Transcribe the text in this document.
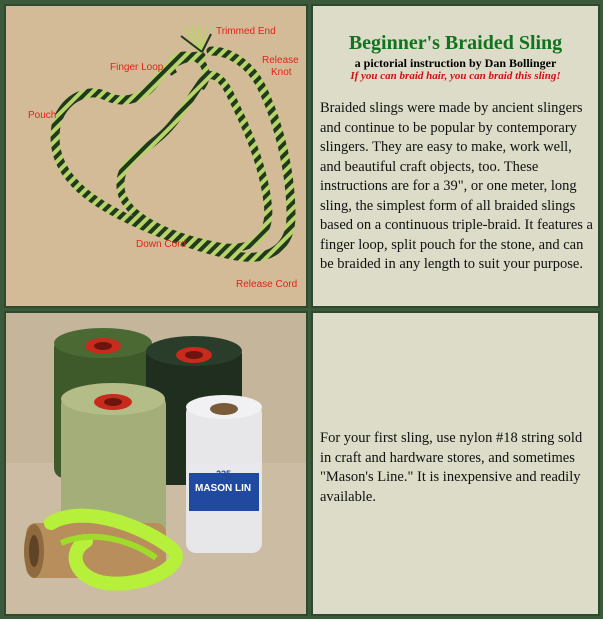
Trimmed End
Finger Loop
Release
Knot
Pouch
Down Cord
Release Cord
Beginner's Braided Sling
a pictorial instruction by Dan Bollinger
If you can braid hair, you can braid this sling!
Braided slings were made by ancient slingers and continue to be popular by contemporary slingers. They are easy to make, work well, and beautiful craft objects, too. These instructions are for a 39", or one meter, long sling, the simplest form of all braided slings based on a continuous triple-braid. It features a finger loop, split pouch for the stone, and can be braided in any length to suit your purpose.
225
MASON LIN
For your first sling, use nylon #18 string sold in craft and hardware stores, and sometimes "Mason's Line." It is inexpensive and readily available.
